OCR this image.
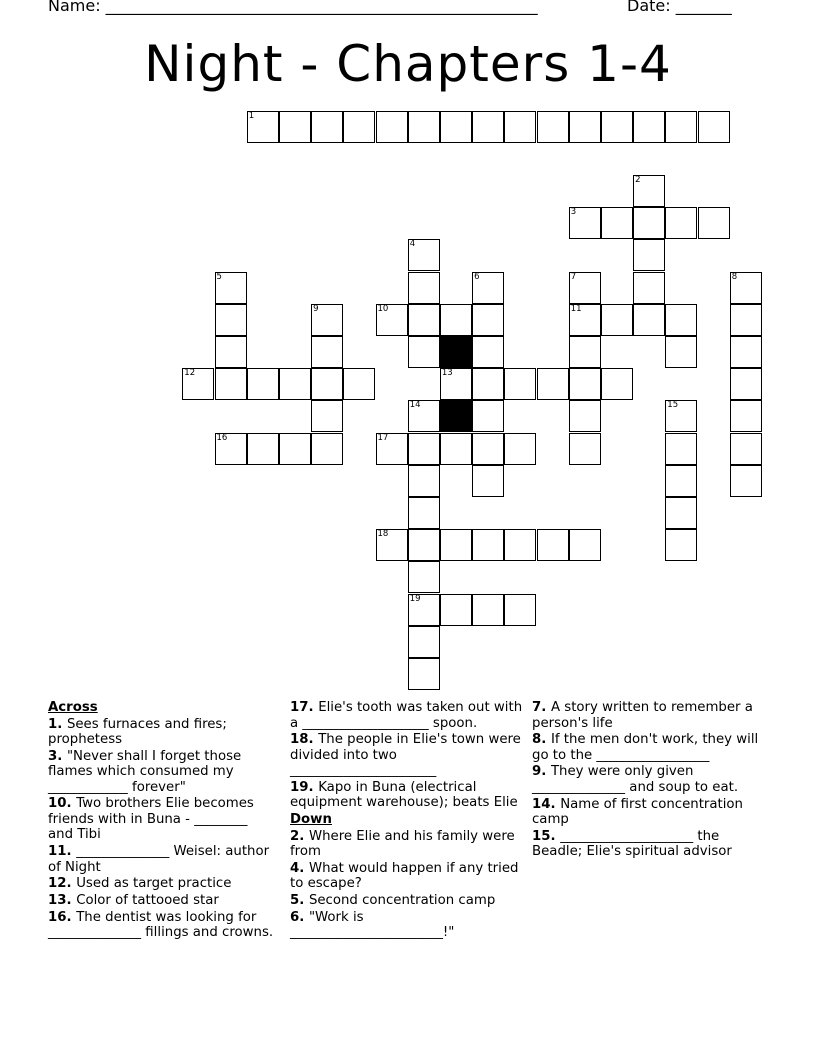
Name: ______________________________________________________	Date: _______
Night - Chapters 1-4
1
2
3
4
5	6	7	8
9	10	11
12	13
14	15
16	17
18
19
Across
1. Sees furnaces and fires; prophetess
3. "Never shall I forget those flames which consumed my ____________ forever"
10. Two brothers Elie becomes friends with in Buna - ________ and Tibi
11. ______________ Weisel: author of Night
12. Used as target practice
13. Color of tattooed star
16. The dentist was looking for ______________ fillings and crowns.
17. Elie's tooth was taken out with a ___________________ spoon.
18. The people in Elie's town were divided into two ______________________
19. Kapo in Buna (electrical equipment warehouse); beats Elie
Down
2. Where Elie and his family were from
4. What would happen if any tried to escape?
5. Second concentration camp
6. "Work is _______________________!"
7. A story written to remember a person's life
8. If the men don't work, they will go to the _________________
9. They were only given ______________ and soup to eat.
14. Name of first concentration camp
15. ____________________ the Beadle; Elie's spiritual advisor
